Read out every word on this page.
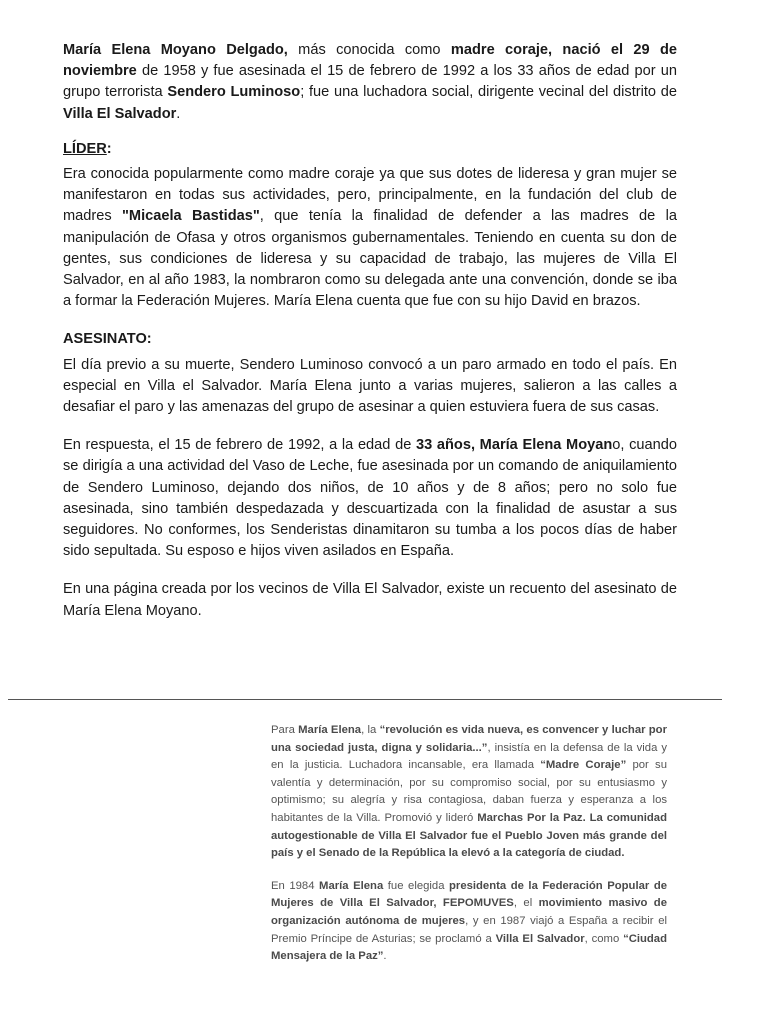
María Elena Moyano Delgado, más conocida como madre coraje, nació el 29 de noviembre de 1958 y fue asesinada el 15 de febrero de 1992 a los 33 años de edad por un grupo terrorista Sendero Luminoso; fue una luchadora social, dirigente vecinal del distrito de Villa El Salvador.

LÍDER:

Era conocida popularmente como madre coraje ya que sus dotes de lideresa y gran mujer se manifestaron en todas sus actividades, pero, principalmente, en la fundación del club de madres "Micaela Bastidas", que tenía la finalidad de defender a las madres de la manipulación de Ofasa y otros organismos gubernamentales. Teniendo en cuenta su don de gentes, sus condiciones de lideresa y su capacidad de trabajo, las mujeres de Villa El Salvador, en al año 1983, la nombraron como su delegada ante una convención, donde se iba a formar la Federación Mujeres. María Elena cuenta que fue con su hijo David en brazos.

ASESINATO:

El día previo a su muerte, Sendero Luminoso convocó a un paro armado en todo el país. En especial en Villa el Salvador. María Elena junto a varias mujeres, salieron a las calles a desafiar el paro y las amenazas del grupo de asesinar a quien estuviera fuera de sus casas.

En respuesta, el 15 de febrero de 1992, a la edad de 33 años, María Elena Moyano, cuando se dirigía a una actividad del Vaso de Leche, fue asesinada por un comando de aniquilamiento de Sendero Luminoso, dejando dos niños, de 10 años y de 8 años; pero no solo fue asesinada, sino también despedazada y descuartizada con la finalidad de asustar a sus seguidores. No conformes, los Senderistas dinamitaron su tumba a los pocos días de haber sido sepultada. Su esposo e hijos viven asilados en España.

En una página creada por los vecinos de Villa El Salvador, existe un recuento del asesinato de María Elena Moyano.

Para María Elena, la “revolución es vida nueva, es convencer y luchar por una sociedad justa, digna y solidaria...”, insistía en la defensa de la vida y en la justicia. Luchadora incansable, era llamada “Madre Coraje” por su valentía y determinación, por su compromiso social, por su entusiasmo y optimismo; su alegría y risa contagiosa, daban fuerza y esperanza a los habitantes de la Villa. Promovió y lideró Marchas Por la Paz. La comunidad autogestionable de Villa El Salvador fue el Pueblo Joven más grande del país y el Senado de la República la elevó a la categoría de ciudad.

En 1984 María Elena fue elegida presidenta de la Federación Popular de Mujeres de Villa El Salvador, FEPOMUVES, el movimiento masivo de organización autónoma de mujeres, y en 1987 viajó a España a recibir el Premio Príncipe de Asturias; se proclamó a Villa El Salvador, como “Ciudad Mensajera de la Paz”.
